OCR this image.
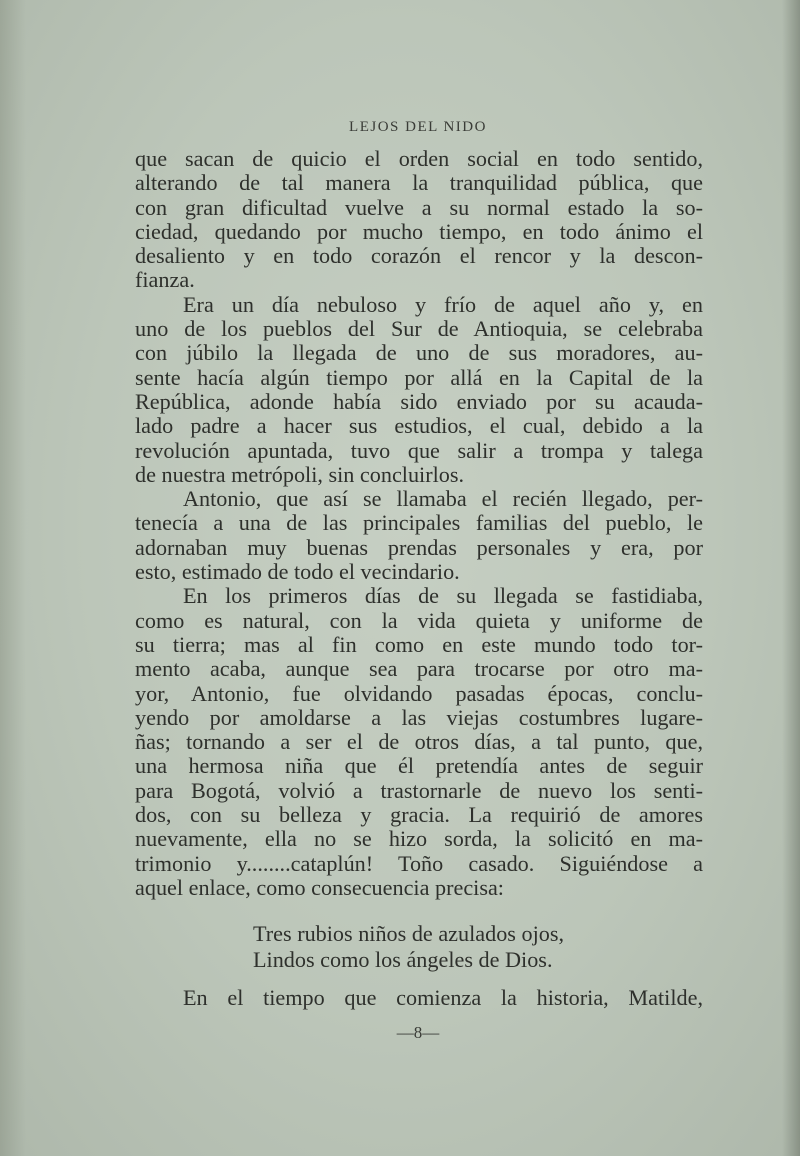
LEJOS DEL NIDO
que sacan de quicio el orden social en todo sentido,
alterando de tal manera la tranquilidad pública, que
con gran dificultad vuelve a su normal estado la so-
ciedad, quedando por mucho tiempo, en todo ánimo el
desaliento y en todo corazón el rencor y la descon-
fianza.
Era un día nebuloso y frío de aquel año y, en
uno de los pueblos del Sur de Antioquia, se celebraba
con júbilo la llegada de uno de sus moradores, au-
sente hacía algún tiempo por allá en la Capital de la
República, adonde había sido enviado por su acauda-
lado padre a hacer sus estudios, el cual, debido a la
revolución apuntada, tuvo que salir a trompa y talega
de nuestra metrópoli, sin concluirlos.
Antonio, que así se llamaba el recién llegado, per-
tenecía a una de las principales familias del pueblo, le
adornaban muy buenas prendas personales y era, por
esto, estimado de todo el vecindario.
En los primeros días de su llegada se fastidiaba,
como es natural, con la vida quieta y uniforme de
su tierra; mas al fin como en este mundo todo tor-
mento acaba, aunque sea para trocarse por otro ma-
yor, Antonio, fue olvidando pasadas épocas, conclu-
yendo por amoldarse a las viejas costumbres lugare-
ñas; tornando a ser el de otros días, a tal punto, que,
una hermosa niña que él pretendía antes de seguir
para Bogotá, volvió a trastornarle de nuevo los senti-
dos, con su belleza y gracia. La requirió de amores
nuevamente, ella no se hizo sorda, la solicitó en ma-
trimonio y........cataplún! Toño casado. Siguiéndose a
aquel enlace, como consecuencia precisa:
Tres rubios niños de azulados ojos,
Lindos como los ángeles de Dios.
En el tiempo que comienza la historia, Matilde,
—8—
